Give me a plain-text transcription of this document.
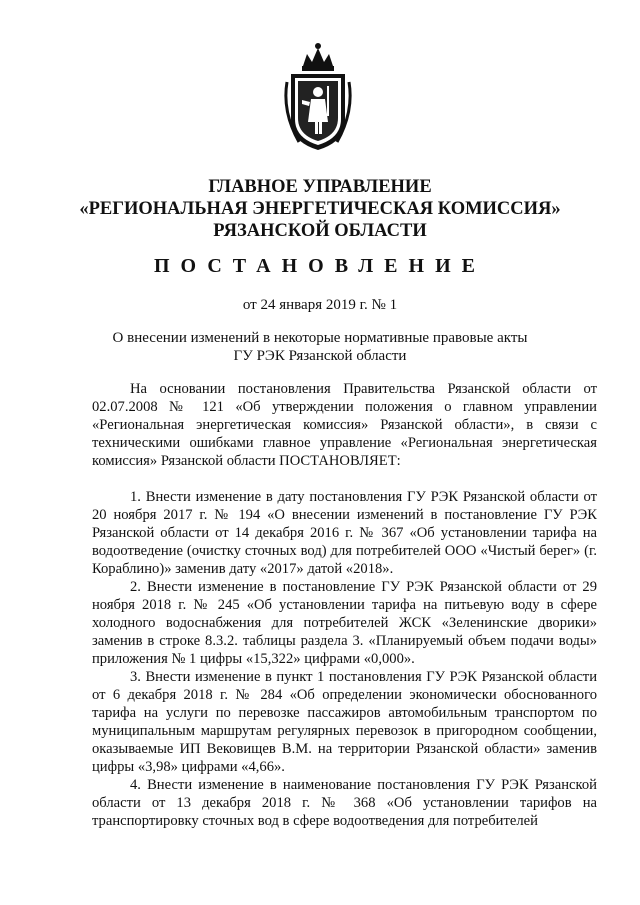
ГЛАВНОЕ УПРАВЛЕНИЕ
«РЕГИОНАЛЬНАЯ ЭНЕРГЕТИЧЕСКАЯ КОМИССИЯ»
РЯЗАНСКОЙ ОБЛАСТИ
ПОСТАНОВЛЕНИЕ
от 24 января 2019 г. № 1
О внесении изменений в некоторые нормативные правовые акты
ГУ РЭК Рязанской области

На основании постановления Правительства Рязанской области от 02.07.2008 № 121 «Об утверждении положения о главном управлении «Региональная энергетическая комиссия» Рязанской области», в связи с техническими ошибками главное управление «Региональная энергетическая комиссия» Рязанской области ПОСТАНОВЛЯЕТ:

1. Внести изменение в дату постановления ГУ РЭК Рязанской области от 20 ноября 2017 г. № 194 «О внесении изменений в постановление ГУ РЭК Рязанской области от 14 декабря 2016 г. № 367 «Об установлении тарифа на водоотведение (очистку сточных вод) для потребителей ООО «Чистый берег» (г. Кораблино)» заменив дату «2017» датой «2018».

2. Внести изменение в постановление ГУ РЭК Рязанской области от 29 ноября 2018 г. № 245 «Об установлении тарифа на питьевую воду в сфере холодного водоснабжения для потребителей ЖСК «Зеленинские дворики» заменив в строке 8.3.2. таблицы раздела 3. «Планируемый объем подачи воды» приложения № 1 цифры «15,322» цифрами «0,000».

3. Внести изменение в пункт 1 постановления ГУ РЭК Рязанской области от 6 декабря 2018 г. № 284 «Об определении экономически обоснованного тарифа на услуги по перевозке пассажиров автомобильным транспортом по муниципальным маршрутам регулярных перевозок в пригородном сообщении, оказываемые ИП Вековищев В.М. на территории Рязанской области» заменив цифры «3,98» цифрами «4,66».

4. Внести изменение в наименование постановления ГУ РЭК Рязанской области от 13 декабря 2018 г. № 368 «Об установлении тарифов на транспортировку сточных вод в сфере водоотведения для потребителей
